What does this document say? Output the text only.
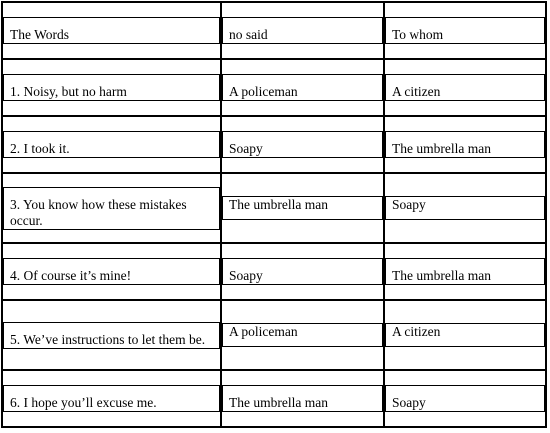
The Words	no said	To whom

1. Noisy, but no harm	A policeman	A citizen

2. I took it.	Soapy	The umbrella man

3. You know how these mistakes occur.	The umbrella man	Soapy

4. Of course it’s mine!	Soapy	The umbrella man

5. We’ve instructions to let them be.	A policeman	A citizen

6. I hope you’ll excuse me.	The umbrella man	Soapy
